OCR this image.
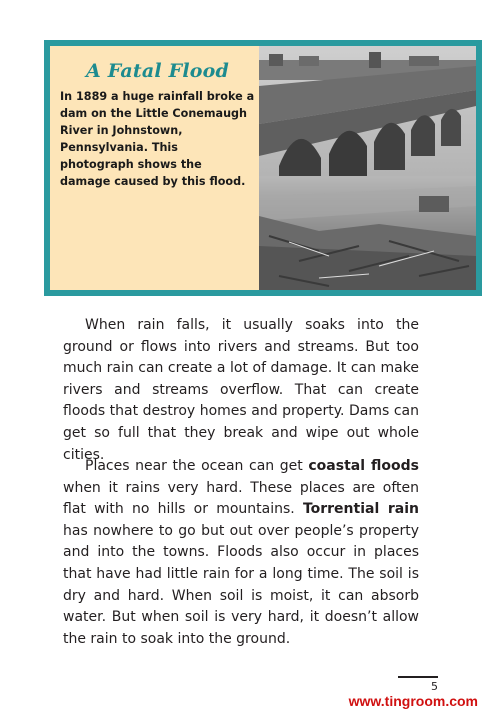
A Fatal Flood

In 1889 a huge rainfall broke a dam on the Little Conemaugh River in Johnstown, Pennsylvania. This photograph shows the damage caused by this flood.

When rain falls, it usually soaks into the ground or flows into rivers and streams. But too much rain can create a lot of damage. It can make rivers and streams overflow. That can create floods that destroy homes and property. Dams can get so full that they break and wipe out whole cities.

Places near the ocean can get coastal floods when it rains very hard. These places are often flat with no hills or mountains. Torrential rain has nowhere to go but out over people’s property and into the towns. Floods also occur in places that have had little rain for a long time. The soil is dry and hard. When soil is moist, it can absorb water. But when soil is very hard, it doesn’t allow the rain to soak into the ground.

5
www.tingroom.com
